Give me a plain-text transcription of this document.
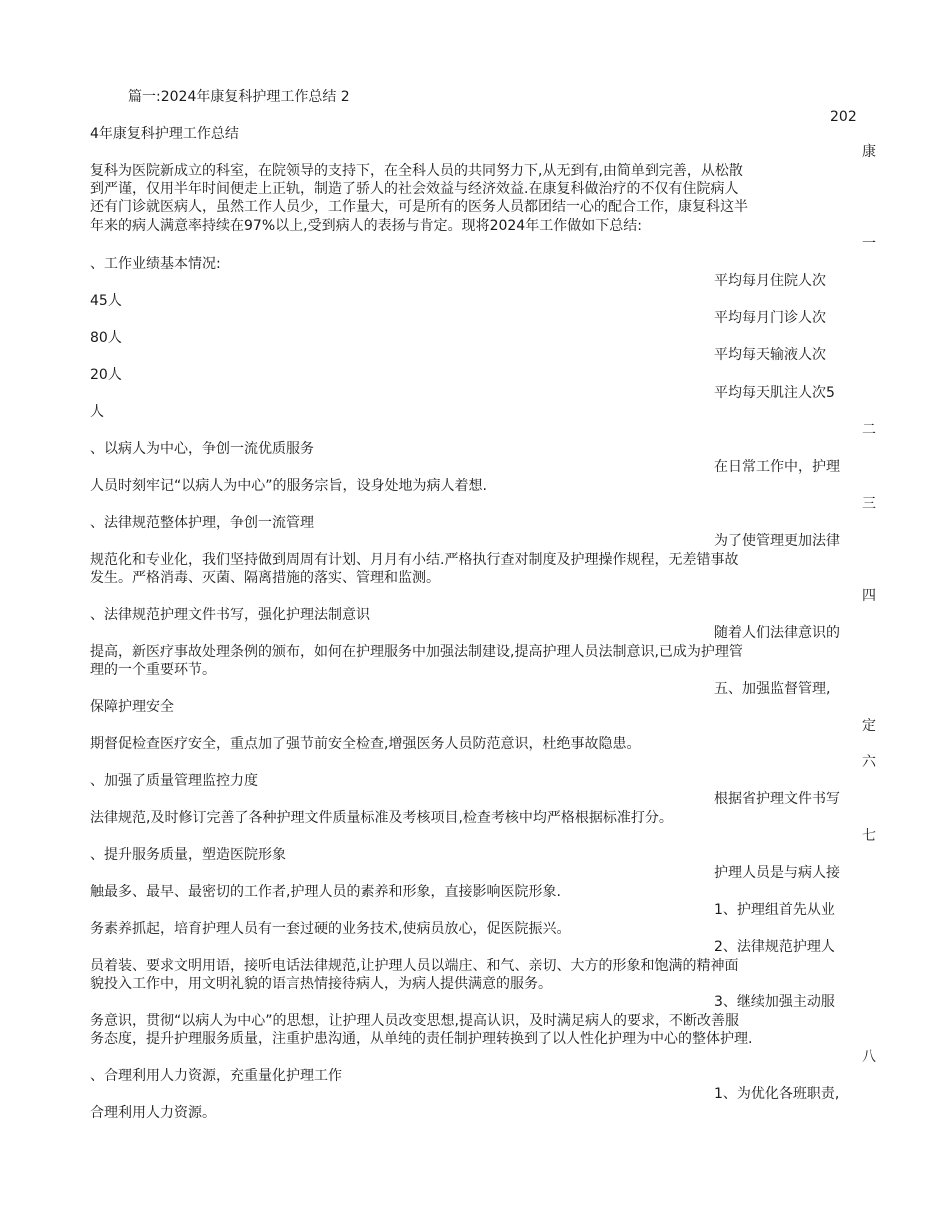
篇一:2024年康复科护理工作总结 2
202
4年康复科护理工作总结
康
复科为医院新成立的科室，在院领导的支持下，在全科人员的共同努力下,从无到有,由简单到完善，从松散
到严谨，仅用半年时间便走上正轨，制造了骄人的社会效益与经济效益.在康复科做治疗的不仅有住院病人
还有门诊就医病人，虽然工作人员少，工作量大，可是所有的医务人员都团结一心的配合工作，康复科这半
年来的病人满意率持续在97%以上,受到病人的表扬与肯定。现将2024年工作做如下总结:
一
、工作业绩基本情况:
平均每月住院人次
45人
平均每月门诊人次
80人
平均每天输液人次
20人
平均每天肌注人次5
人
二
、以病人为中心，争创一流优质服务
在日常工作中，护理
人员时刻牢记“以病人为中心”的服务宗旨，设身处地为病人着想.
三
、法律规范整体护理，争创一流管理
为了使管理更加法律
规范化和专业化，我们坚持做到周周有计划、月月有小结.严格执行查对制度及护理操作规程，无差错事故
发生。严格消毒、灭菌、隔离措施的落实、管理和监测。
四
、法律规范护理文件书写，强化护理法制意识
随着人们法律意识的
提高，新医疗事故处理条例的颁布，如何在护理服务中加强法制建设,提高护理人员法制意识,已成为护理管
理的一个重要环节。
五、加强监督管理,
保障护理安全
定
期督促检查医疗安全，重点加了强节前安全检查,增强医务人员防范意识，杜绝事故隐患。
六
、加强了质量管理监控力度
根据省护理文件书写
法律规范,及时修订完善了各种护理文件质量标准及考核项目,检查考核中均严格根据标准打分。
七
、提升服务质量，塑造医院形象
护理人员是与病人接
触最多、最早、最密切的工作者,护理人员的素养和形象，直接影响医院形象.
1、护理组首先从业
务素养抓起，培育护理人员有一套过硬的业务技术,使病员放心，促医院振兴。
2、法律规范护理人
员着装、要求文明用语，接听电话法律规范,让护理人员以端庄、和气、亲切、大方的形象和饱满的精神面
貌投入工作中，用文明礼貌的语言热情接待病人，为病人提供满意的服务。
3、继续加强主动服
务意识，贯彻“以病人为中心”的思想，让护理人员改变思想,提高认识，及时满足病人的要求，不断改善服
务态度，提升护理服务质量，注重护患沟通，从单纯的责任制护理转换到了以人性化护理为中心的整体护理.
八
、合理利用人力资源，充重量化护理工作
1、为优化各班职责,
合理利用人力资源。
